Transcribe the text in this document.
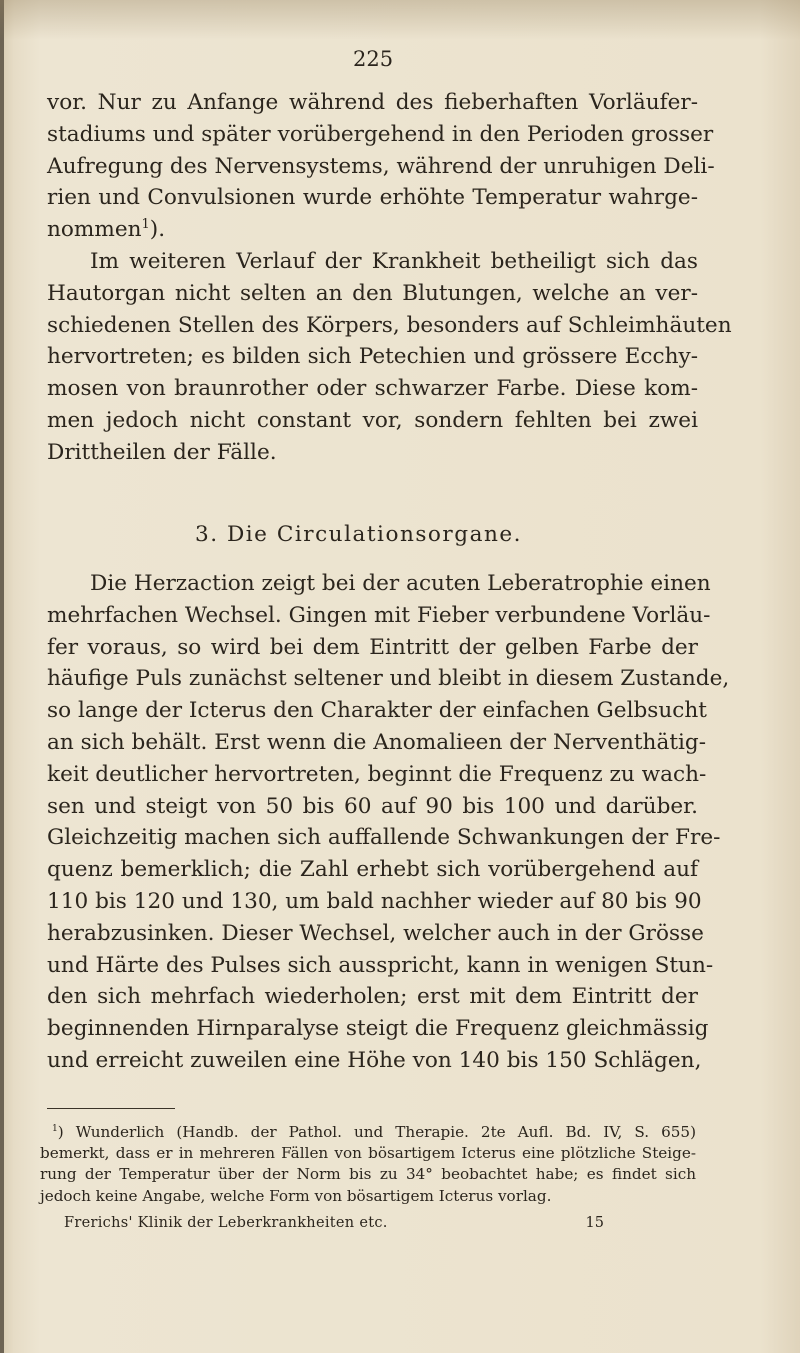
225

vor. Nur zu Anfange während des fieberhaften Vorläufer-
stadiums und später vorübergehend in den Perioden grosser
Aufregung des Nervensystems, während der unruhigen Deli-
rien und Convulsionen wurde erhöhte Temperatur wahrge-
nommen$^1$).

Im weiteren Verlauf der Krankheit betheiligt sich das
Hautorgan nicht selten an den Blutungen, welche an ver-
schiedenen Stellen des Körpers, besonders auf Schleimhäuten
hervortreten; es bilden sich Petechien und grössere Ecchy-
mosen von braunrother oder schwarzer Farbe. Diese kom-
men jedoch nicht constant vor, sondern fehlten bei zwei
Drittheilen der Fälle.

3. Die Circulationsorgane.

Die Herzaction zeigt bei der acuten Leberatrophie einen
mehrfachen Wechsel. Gingen mit Fieber verbundene Vorläu-
fer voraus, so wird bei dem Eintritt der gelben Farbe der
häufige Puls zunächst seltener und bleibt in diesem Zustande,
so lange der Icterus den Charakter der einfachen Gelbsucht
an sich behält. Erst wenn die Anomalieen der Nerventhätig-
keit deutlicher hervortreten, beginnt die Frequenz zu wach-
sen und steigt von 50 bis 60 auf 90 bis 100 und darüber.
Gleichzeitig machen sich auffallende Schwankungen der Fre-
quenz bemerklich; die Zahl erhebt sich vorübergehend auf
110 bis 120 und 130, um bald nachher wieder auf 80 bis 90
herabzusinken. Dieser Wechsel, welcher auch in der Grösse
und Härte des Pulses sich ausspricht, kann in wenigen Stun-
den sich mehrfach wiederholen; erst mit dem Eintritt der
beginnenden Hirnparalyse steigt die Frequenz gleichmässig
und erreicht zuweilen eine Höhe von 140 bis 150 Schlägen,

$^1$) Wunderlich (Handb. der Pathol. und Therapie. 2te Aufl. Bd. IV, S. 655)
bemerkt, dass er in mehreren Fällen von bösartigem Icterus eine plötzliche Steige-
rung der Temperatur über der Norm bis zu 34° beobachtet habe; es findet sich
jedoch keine Angabe, welche Form von bösartigem Icterus vorlag.
Frerichs' Klinik der Leberkrankheiten etc.	15
